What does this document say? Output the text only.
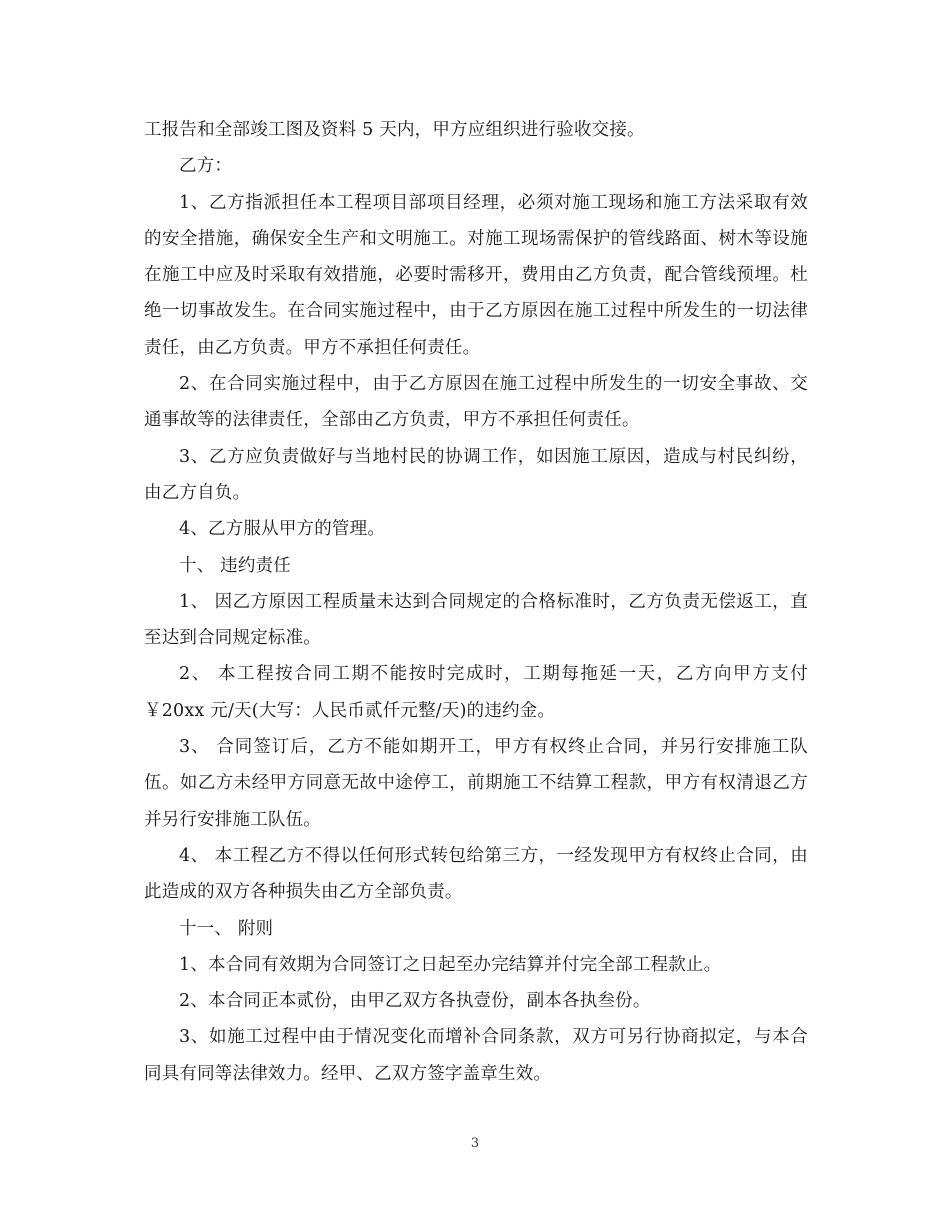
工报告和全部竣工图及资料 5 天内，甲方应组织进行验收交接。

乙方：

1、乙方指派担任本工程项目部项目经理，必须对施工现场和施工方法采取有效的安全措施，确保安全生产和文明施工。对施工现场需保护的管线路面、树木等设施在施工中应及时采取有效措施，必要时需移开，费用由乙方负责，配合管线预埋。杜绝一切事故发生。在合同实施过程中，由于乙方原因在施工过程中所发生的一切法律责任，由乙方负责。甲方不承担任何责任。

2、在合同实施过程中，由于乙方原因在施工过程中所发生的一切安全事故、交通事故等的法律责任，全部由乙方负责，甲方不承担任何责任。

3、乙方应负责做好与当地村民的协调工作，如因施工原因，造成与村民纠纷，由乙方自负。

4、乙方服从甲方的管理。

十、 违约责任

1、 因乙方原因工程质量未达到合同规定的合格标准时，乙方负责无偿返工，直至达到合同规定标准。

2、 本工程按合同工期不能按时完成时，工期每拖延一天，乙方向甲方支付￥20xx 元/天(大写：人民币贰仟元整/天)的违约金。

3、 合同签订后，乙方不能如期开工，甲方有权终止合同，并另行安排施工队伍。如乙方未经甲方同意无故中途停工，前期施工不结算工程款，甲方有权清退乙方并另行安排施工队伍。

4、 本工程乙方不得以任何形式转包给第三方，一经发现甲方有权终止合同，由此造成的双方各种损失由乙方全部负责。

十一、 附则

1、本合同有效期为合同签订之日起至办完结算并付完全部工程款止。

2、本合同正本贰份，由甲乙双方各执壹份，副本各执叁份。

3、如施工过程中由于情况变化而增补合同条款，双方可另行协商拟定，与本合同具有同等法律效力。经甲、乙双方签字盖章生效。

3
